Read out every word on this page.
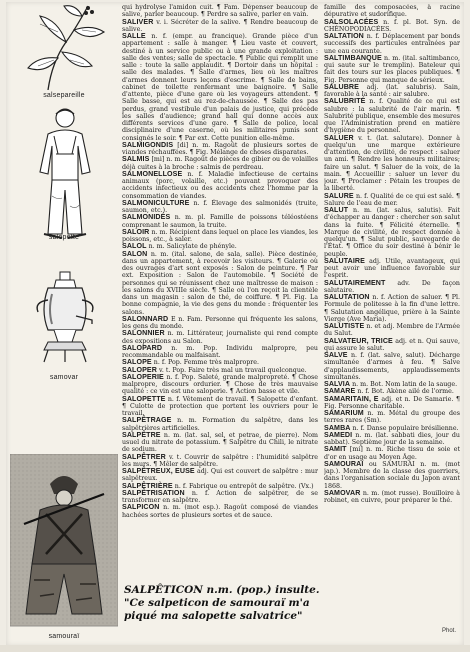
salsepareille
salopette
samovar
samouraï

qui hydrolyse l'amidon cuit. ¶ Fam. Dépenser beaucoup de salive, parler beaucoup. ¶ Perdre sa salive, parler en vain.

SALIVER v. i. Sécréter de la salive. ¶ Rendre beaucoup de salive.

SALLE n. f. (empr. au francique). Grande pièce d'un appartement : salle à manger. ¶ Lieu vaste et couvert, destiné à un service public ou à une grande exploitation : salle des ventes; salle de spectacle. ¶ Public qui remplit une salle : toute la salle applaudit. ¶ Dortoir dans un hôpital : salle des malades. ¶ Salle d'armes, lieu où les maîtres d'armes donnent leurs leçons d'escrime. ¶ Salle de bains, cabinet de toilette renfermant une baignoire. ¶ Salle d'attente, pièce d'une gare où les voyageurs attendent. ¶ Salle basse, qui est au rez-de-chaussée. ¶ Salle des pas perdus, grand vestibule d'un palais de justice, qui précède les salles d'audience; grand hall qui donne accès aux différents services d'une gare. ¶ Salle de police, local disciplinaire d'une caserne, où les militaires punis sont consignés le soir. ¶ Par ext. Cette punition elle-même.

SALMIGONDIS [di] n. m. Ragoût de plusieurs sortes de viandes réchauffées. ¶ Fig. Mélange de choses disparates.

SALMIS [mi] n. m. Ragoût de pièces de gibier ou de volailles déjà cuites à la broche : salmis de perdreau.

SALMONELLOSE n. f. Maladie infectieuse de certains animaux (porc, volaille, etc.) pouvant provoquer des accidents infectieux ou des accidents chez l'homme par la consommation de viandes.

SALMONICULTURE n. f. Élevage des salmonidés (truite, saumon, etc.).

SALMONIDÉS n. m. pl. Famille de poissons téléostéens comprenant le saumon, la truite.

SALOIR n. m. Récipient dans lequel on place les viandes, les poissons, etc., à saler.

SALOL n. m. Salicylate de phényle.

SALON n. m. (ital. salone, de sala, salle). Pièce destinée, dans un appartement, à recevoir les visiteurs. ¶ Galerie où des ouvrages d'art sont exposés : Salon de peinture. ¶ Par ext. Exposition : Salon de l'automobile. ¶ Société de personnes qui se réunissent chez une maîtresse de maison : les salons du XVIIIe siècle. ¶ Salle où l'on reçoit la clientèle dans un magasin : salon de thé, de coiffure. ¶ Pl. Fig. La bonne compagnie, la vie des gens du monde : fréquenter les salons.

SALONNARD E n. Fam. Personne qui fréquente les salons, les gens du monde.

SALONNIER n. m. Littérateur, journaliste qui rend compte des expositions au Salon.

SALOPARD n. m. Pop. Individu malpropre, peu recommandable ou malfaisant.

SALOPE n. f. Pop. Femme très malpropre.

SALOPER v. t. Pop. Faire très mal un travail quelconque.

SALOPERIE n. f. Pop. Saleté, grande malpropreté. ¶ Chose malpropre, discours ordurier. ¶ Chose de très mauvaise qualité : ce vin est une saloperie. ¶ Action basse et vile.

SALOPETTE n. f. Vêtement de travail. ¶ Salopette d'enfant. ¶ Culotte de protection que portent les ouvriers pour le travail.

SALPÊTRAGE n. m. Formation du salpêtre, dans les salpêtrières artificielles.

SALPÊTRE n. m. (lat. sal, sel, et petrae, de pierre). Nom usuel du nitrate de potassium. ¶ Salpêtre du Chili, le nitrate de sodium.

SALPÊTRER v. t. Couvrir de salpêtre : l'humidité salpêtre les murs. ¶ Mêler de salpêtre.

SALPÊTREUX, EUSE adj. Qui est couvert de salpêtre : mur salpêtreux.

SALPÊTRIÈRE n. f. Fabrique ou entrepôt de salpêtre. (Vx.)

SALPÊTRISATION n. f. Action de salpêtrer, de se transformer en salpêtre.

SALPICON n. m. (mot esp.). Ragoût composé de viandes hachées sortes de plusieurs sortes et de sauce.

famille des composacées, à racine dépurative et sudorifique.

SALSOLACÉES n. f. pl. Bot. Syn. de CHÉNOPODIACÉES.

SALTATION n. f. Déplacement par bonds successifs des particules entraînées par une eau courante.

SALTIMBANQUE n. m. (ital. saltimbanco, qui saute sur le tremplin). Bateleur qui fait des tours sur les places publiques. ¶ Fig. Personne qui manque de sérieux.

SALUBRE adj. (lat. salubris). Sain, favorable à la santé : air salubre.

SALUBRITÉ n. f. Qualité de ce qui est salubre : la salubrité de l'air marin. ¶ Salubrité publique, ensemble des mesures que l'Administration prend en matière d'hygiène du personnel.

SALUER v. t. (lat. salutare). Donner à quelqu'un une marque extérieure d'attention, de civilité, de respect : saluer un ami. ¶ Rendre les honneurs militaires; faire un salut. ¶ Saluer de la voix, de la main. ¶ Accueillir : saluer un lever du jour. ¶ Proclamer : Pétain les troupes de la liberté.

SALURE n. f. Qualité de ce qui est salé. ¶ Salure de l'eau de mer.

SALUT n. m. (lat. salus, salutis). Fait d'échapper au danger : chercher son salut dans la fuite. ¶ Félicité éternelle. ¶ Marque de civilité, de respect donnée à quelqu'un. ¶ Salut public, sauvegarde de l'État. ¶ Office du soir destiné à bénir le peuple.

SALUTAIRE adj. Utile, avantageux, qui peut avoir une influence favorable sur l'esprit.

SALUTAIREMENT adv. De façon salutaire.

SALUTATION n. f. Action de saluer. ¶ Pl. Formule de politesse à la fin d'une lettre. ¶ Salutation angélique, prière à la Sainte Vierge (Ave Maria).

SALUTISTE n. et adj. Membre de l'Armée du Salut.

SALVATEUR, TRICE adj. et n. Qui sauve, qui assure le salut.

SALVE n. f. (lat. salve, salut). Décharge simultanée d'armes à feu. ¶ Salve d'applaudissements, applaudissements simultanés.

SALVIA n. m. Bot. Nom latin de la sauge.

SAMARE n. f. Bot. Akène ailé de l'orme.

SAMARITAIN, E adj. et n. De Samarie. ¶ Fig. Personne charitable.

SAMARIUM n. m. Métal du groupe des terres rares (Sm).

SAMBA n. f. Danse populaire brésilienne.

SAMEDI n. m. (lat. sabbati dies, jour du sabbat). Septième jour de la semaine.

SAMIT [mi] n. m. Riche tissu de soie et d'or en usage au Moyen Âge.

SAMOURAÏ ou SAMURAI n. m. (mot jap.). Membre de la classe des guerriers, dans l'organisation sociale du Japon avant 1868.

SAMOVAR n. m. (mot russe). Bouilloire à robinet, en cuivre, pour préparer le thé.

SALPÊTICON n.m. (pop.) insulte.
"Ce salpeticon de samouraï m'a
piqué ma salopette salvatrice"
Phot.
